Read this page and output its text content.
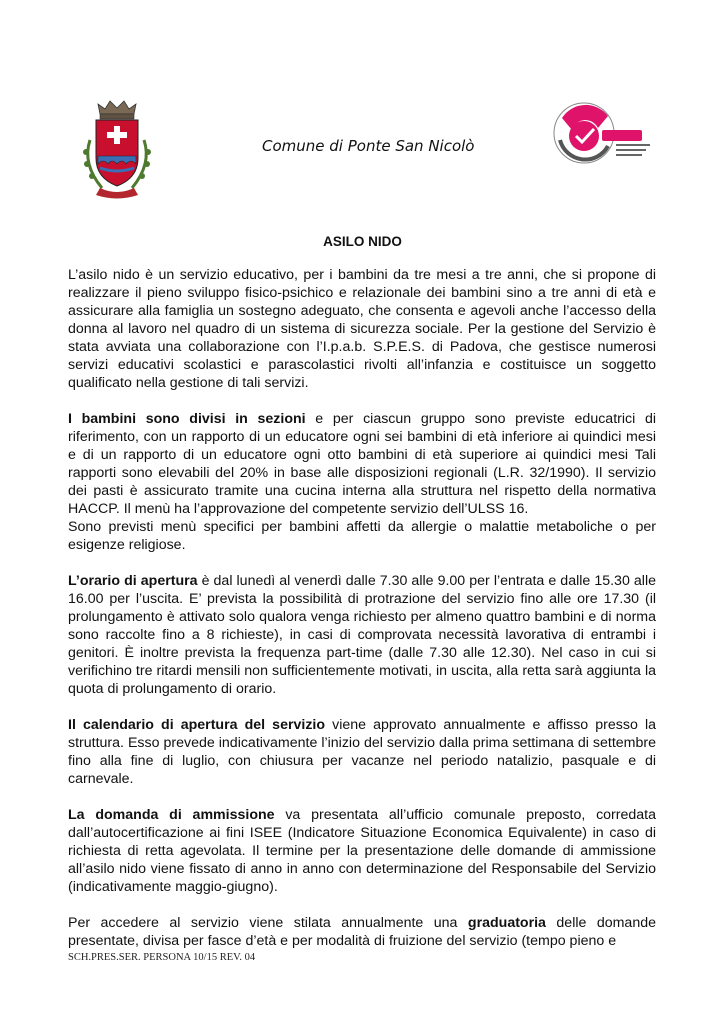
Comune di Ponte San Nicolò
ASILO NIDO

L’asilo nido è un servizio educativo, per i bambini da tre mesi a tre anni, che si propone di realizzare il pieno sviluppo fisico-psichico e relazionale dei bambini sino a tre anni di età e assicurare alla famiglia un sostegno adeguato, che consenta e agevoli anche l’accesso della donna al lavoro nel quadro di un sistema di sicurezza sociale. Per la gestione del Servizio è stata avviata una collaborazione con l’I.p.a.b. S.P.E.S. di Padova, che gestisce numerosi servizi educativi scolastici e parascolastici rivolti all’infanzia e costituisce un soggetto qualificato nella gestione di tali servizi.

I bambini sono divisi in sezioni e per ciascun gruppo sono previste educatrici di riferimento, con un rapporto di un educatore ogni sei bambini di età inferiore ai quindici mesi e di un rapporto di un educatore ogni otto bambini di età superiore ai quindici mesi Tali rapporti sono elevabili del 20% in base alle disposizioni regionali (L.R. 32/1990). Il servizio dei pasti è assicurato tramite una cucina interna alla struttura nel rispetto della normativa HACCP. Il menù ha l’approvazione del competente servizio dell’ULSS 16.

Sono previsti menù specifici per bambini affetti da allergie o malattie metaboliche o per esigenze religiose.

L’orario di apertura è dal lunedì al venerdì dalle 7.30 alle 9.00 per l’entrata e dalle 15.30 alle 16.00 per l’uscita. E’ prevista la possibilità di protrazione del servizio fino alle ore 17.30 (il prolungamento è attivato solo qualora venga richiesto per almeno quattro bambini e di norma sono raccolte fino a 8 richieste), in casi di comprovata necessità lavorativa di entrambi i genitori. È inoltre prevista la frequenza part-time (dalle 7.30 alle 12.30). Nel caso in cui si verifichino tre ritardi mensili non sufficientemente motivati, in uscita, alla retta sarà aggiunta la quota di prolungamento di orario.

Il calendario di apertura del servizio viene approvato annualmente e affisso presso la struttura. Esso prevede indicativamente l’inizio del servizio dalla prima settimana di settembre fino alla fine di luglio, con chiusura per vacanze nel periodo natalizio, pasquale e di carnevale.

La domanda di ammissione va presentata all’ufficio comunale preposto, corredata dall’autocertificazione ai fini ISEE (Indicatore Situazione Economica Equivalente) in caso di richiesta di retta agevolata. Il termine per la presentazione delle domande di ammissione all’asilo nido viene fissato di anno in anno con determinazione del Responsabile del Servizio (indicativamente maggio-giugno).

Per accedere al servizio viene stilata annualmente una graduatoria delle domande presentate, divisa per fasce d’età e per modalità di fruizione del servizio (tempo pieno e

SCH.PRES.SER. PERSONA 10/15 REV. 04
